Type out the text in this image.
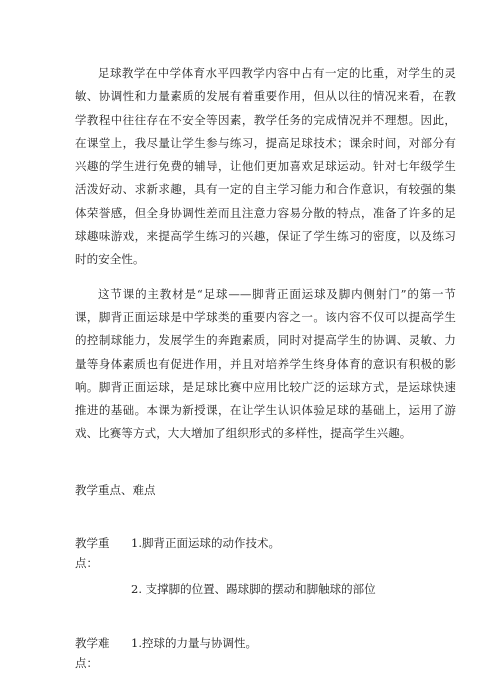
足球教学在中学体育水平四教学内容中占有一定的比重，对学生的灵敏、协调性和力量素质的发展有着重要作用，但从以往的情况来看，在教学教程中往往存在不安全等因素，教学任务的完成情况并不理想。因此，在课堂上，我尽量让学生参与练习，提高足球技术；课余时间，对部分有兴趣的学生进行免费的辅导，让他们更加喜欢足球运动。针对七年级学生活泼好动、求新求趣，具有一定的自主学习能力和合作意识，有较强的集体荣誉感，但全身协调性差而且注意力容易分散的特点，准备了许多的足球趣味游戏，来提高学生练习的兴趣，保证了学生练习的密度，以及练习时的安全性。

这节课的主教材是“足球——脚背正面运球及脚内侧射门”的第一节课，脚背正面运球是中学球类的重要内容之一。该内容不仅可以提高学生的控制球能力，发展学生的奔跑素质，同时对提高学生的协调、灵敏、力量等身体素质也有促进作用，并且对培养学生终身体育的意识有积极的影响。脚背正面运球，是足球比赛中应用比较广泛的运球方式，是运球快速推进的基础。本课为新授课，在让学生认识体验足球的基础上，运用了游戏、比赛等方式，大大增加了组织形式的多样性，提高学生兴趣。

教学重点、难点
教学重点：
1.脚背正面运球的动作技术。
2. 支撑脚的位置、踢球脚的摆动和脚触球的部位
教学难点：
1.控球的力量与协调性。
